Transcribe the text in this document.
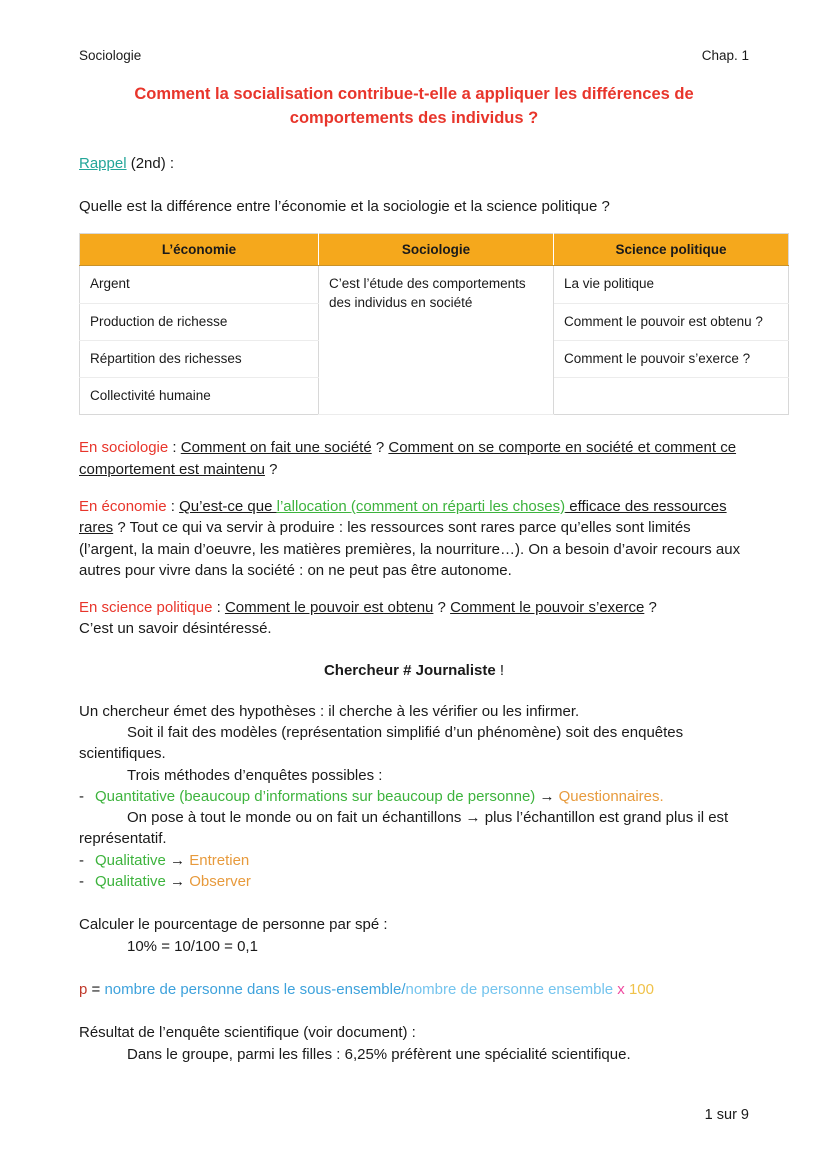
Sociologie	Chap. 1
Comment la socialisation contribue-t-elle a appliquer les différences de comportements des individus ?

Rappel (2nd) :

Quelle est la différence entre l’économie et la sociologie et la science politique ?

L’économie	Sociologie	Science politique
Argent	C’est l’étude des comportements des individus en société	La vie politique
Production de richesse		Comment le pouvoir est obtenu ?
Répartition des richesses		Comment le pouvoir s’exerce ?
Collectivité humaine		

En sociologie : Comment on fait une société ? Comment on se comporte en société et comment ce comportement est maintenu ?

En économie : Qu’est-ce que l’allocation (comment on réparti les choses) efficace des ressources rares ? Tout ce qui va servir à produire : les ressources sont rares parce qu’elles sont limités (l’argent, la main d’oeuvre, les matières premières, la nourriture…). On a besoin d’avoir recours aux autres pour vivre dans la société : on ne peut pas être autonome.

En science politique : Comment le pouvoir est obtenu ? Comment le pouvoir s’exerce ?

C’est un savoir désintéressé.

Chercheur # Journaliste !

Un chercheur émet des hypothèses : il cherche à les vérifier ou les infirmer.

Soit il fait des modèles (représentation simplifié d’un phénomène) soit des enquêtes scientifiques.

Trois méthodes d’enquêtes possibles :

- Quantitative (beaucoup d’informations sur beaucoup de personne) → Questionnaires.

On pose à tout le monde ou on fait un échantillons → plus l’échantillon est grand plus il est représentatif.

- Qualitative → Entretien

- Qualitative → Observer

Calculer le pourcentage de personne par spé :

10% = 10/100 = 0,1

p = nombre de personne dans le sous-ensemble/nombre de personne ensemble x 100

Résultat de l’enquête scientifique (voir document) :

Dans le groupe, parmi les filles : 6,25% préfèrent une spécialité scientifique.

1 sur 9
